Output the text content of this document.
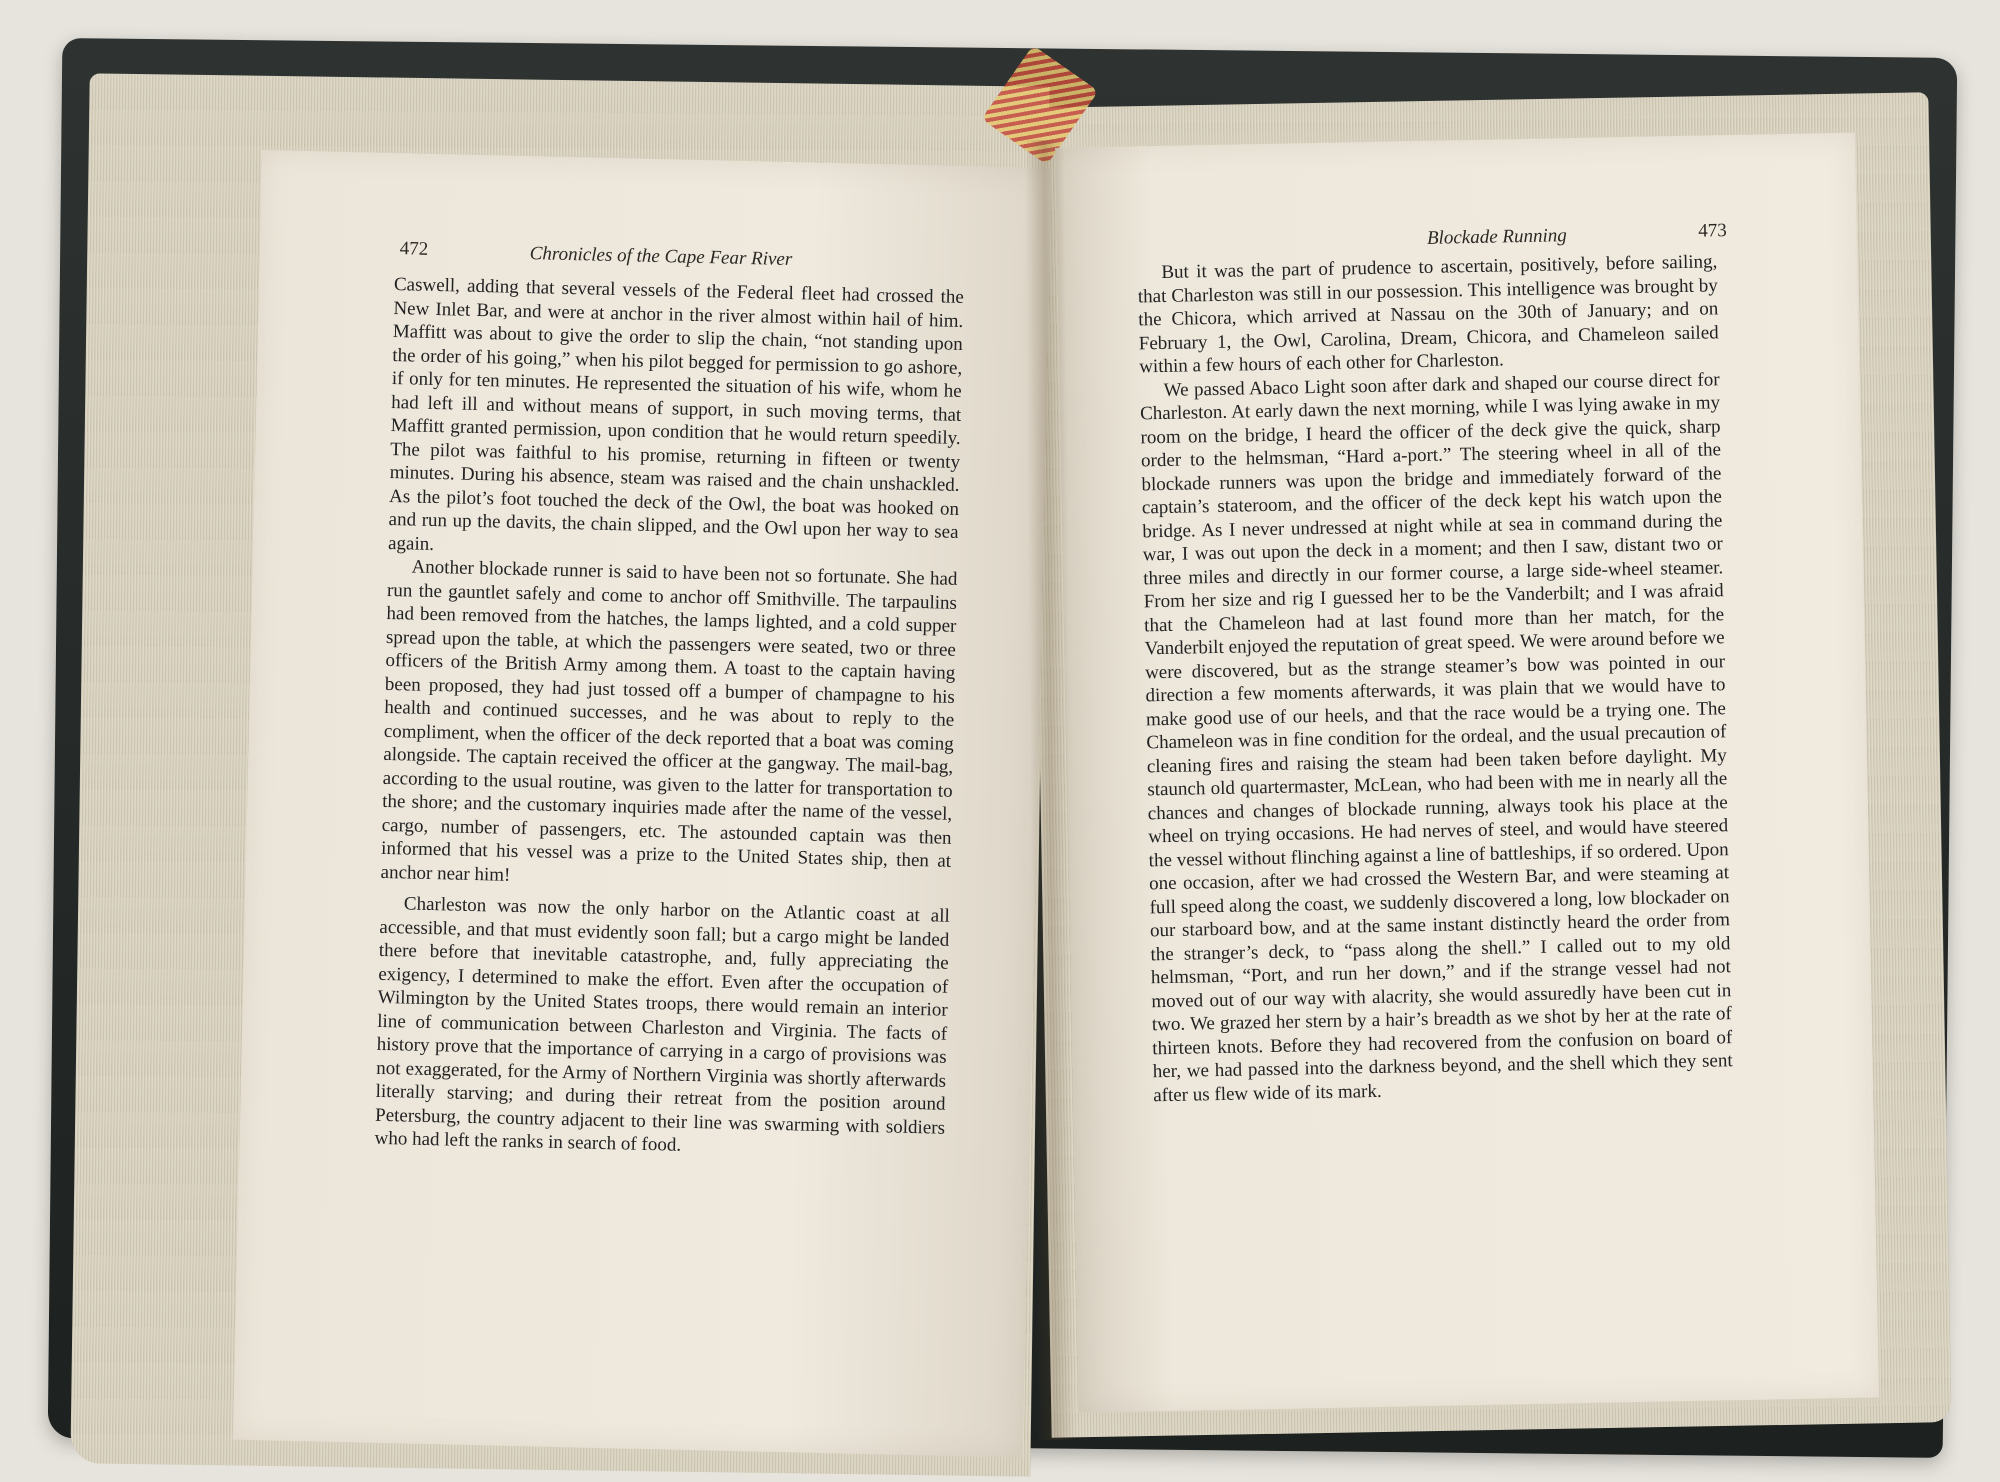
472	Chronicles of the Cape Fear River

Caswell, adding that several vessels of the Federal fleet had crossed the New Inlet Bar, and were at anchor in the river almost within hail of him. Maffitt was about to give the order to slip the chain, “not standing upon the order of his going,” when his pilot begged for permission to go ashore, if only for ten minutes. He represented the situation of his wife, whom he had left ill and without means of support, in such moving terms, that Maffitt granted permission, upon condition that he would return speedily. The pilot was faithful to his promise, returning in fifteen or twenty minutes. During his absence, steam was raised and the chain unshackled. As the pilot’s foot touched the deck of the Owl, the boat was hooked on and run up the davits, the chain slipped, and the Owl upon her way to sea again.

Another blockade runner is said to have been not so fortunate. She had run the gauntlet safely and come to anchor off Smithville. The tarpaulins had been removed from the hatches, the lamps lighted, and a cold supper spread upon the table, at which the passengers were seated, two or three officers of the British Army among them. A toast to the captain having been proposed, they had just tossed off a bumper of champagne to his health and continued successes, and he was about to reply to the compliment, when the officer of the deck reported that a boat was coming alongside. The captain received the officer at the gangway. The mail-bag, according to the usual routine, was given to the latter for transportation to the shore; and the customary inquiries made after the name of the vessel, cargo, number of passengers, etc. The astounded captain was then informed that his vessel was a prize to the United States ship, then at anchor near him!

Charleston was now the only harbor on the Atlantic coast at all accessible, and that must evidently soon fall; but a cargo might be landed there before that inevitable catastrophe, and, fully appreciating the exigency, I determined to make the effort. Even after the occupation of Wilmington by the United States troops, there would remain an interior line of communication between Charleston and Virginia. The facts of history prove that the importance of carrying in a cargo of provisions was not exaggerated, for the Army of Northern Virginia was shortly afterwards literally starving; and during their retreat from the position around Petersburg, the country adjacent to their line was swarming with soldiers who had left the ranks in search of food.

Blockade Running	473

But it was the part of prudence to ascertain, positively, before sailing, that Charleston was still in our possession. This intelligence was brought by the Chicora, which arrived at Nassau on the 30th of January; and on February 1, the Owl, Carolina, Dream, Chicora, and Chameleon sailed within a few hours of each other for Charleston.

We passed Abaco Light soon after dark and shaped our course direct for Charleston. At early dawn the next morning, while I was lying awake in my room on the bridge, I heard the officer of the deck give the quick, sharp order to the helmsman, “Hard a-port.” The steering wheel in all of the blockade runners was upon the bridge and immediately forward of the captain’s stateroom, and the officer of the deck kept his watch upon the bridge. As I never undressed at night while at sea in command during the war, I was out upon the deck in a moment; and then I saw, distant two or three miles and directly in our former course, a large side-wheel steamer. From her size and rig I guessed her to be the Vanderbilt; and I was afraid that the Chameleon had at last found more than her match, for the Vanderbilt enjoyed the reputation of great speed. We were around before we were discovered, but as the strange steamer’s bow was pointed in our direction a few moments afterwards, it was plain that we would have to make good use of our heels, and that the race would be a trying one. The Chameleon was in fine condition for the ordeal, and the usual precaution of cleaning fires and raising the steam had been taken before daylight. My staunch old quartermaster, McLean, who had been with me in nearly all the chances and changes of blockade running, always took his place at the wheel on trying occasions. He had nerves of steel, and would have steered the vessel without flinching against a line of battleships, if so ordered. Upon one occasion, after we had crossed the Western Bar, and were steaming at full speed along the coast, we suddenly discovered a long, low blockader on our starboard bow, and at the same instant distinctly heard the order from the stranger’s deck, to “pass along the shell.” I called out to my old helmsman, “Port, and run her down,” and if the strange vessel had not moved out of our way with alacrity, she would assuredly have been cut in two. We grazed her stern by a hair’s breadth as we shot by her at the rate of thirteen knots. Before they had recovered from the confusion on board of her, we had passed into the darkness beyond, and the shell which they sent after us flew wide of its mark.
